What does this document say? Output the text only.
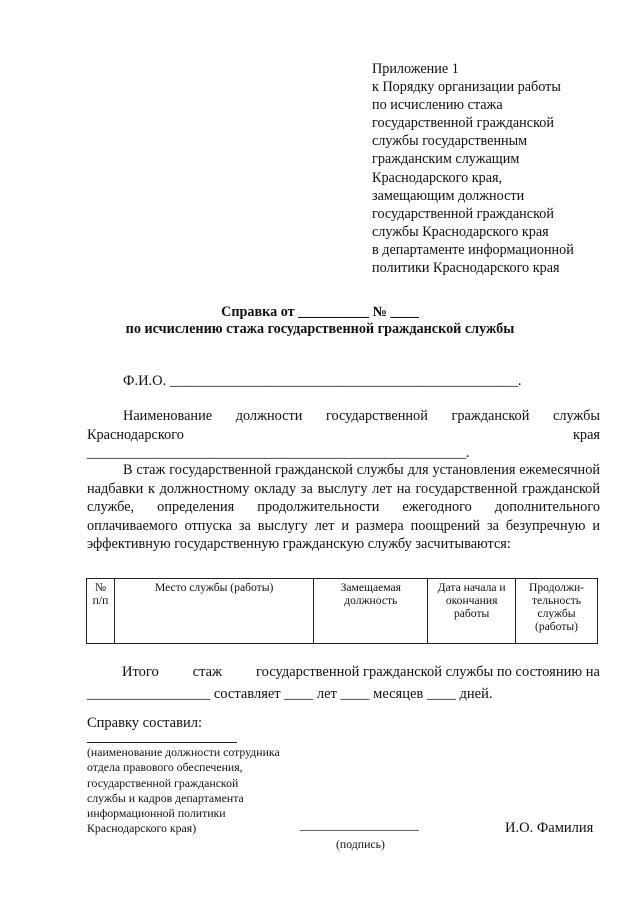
Приложение 1
к Порядку организации работы
по исчислению стажа
государственной гражданской
службы государственным
гражданским служащим
Краснодарского края,
замещающим должности
государственной гражданской
службы Краснодарского края
в департаменте информационной
политики Краснодарского края
Справка от __________ № ____
по исчислению стажа государственной гражданской службы
Ф.И.О. ________________________________________________.
Наименование должности государственной гражданской службы Краснодарского края _____________________________________________________.
В стаж государственной гражданской службы для установления ежемесячной надбавки к должностному окладу за выслугу лет на государственной гражданской службе, определения продолжительности ежегодного дополнительного оплачиваемого отпуска за выслугу лет и размера поощрений за безупречную и эффективную государственную гражданскую службу засчитываются:
№ п/п	Место службы (работы)	Замещаемая должность	Дата начала и окончания работы	Продолжи-тельность службы (работы)
Итого стаж государственной гражданской службы по состоянию на
_________________ составляет ____ лет ____ месяцев ____ дней.
Справку составил:
(наименование должности сотрудника
отдела правового обеспечения,
государственной гражданской
службы и кадров департамента
информационной политики
Краснодарского края)	_________________
(подпись)
И.О. Фамилия
